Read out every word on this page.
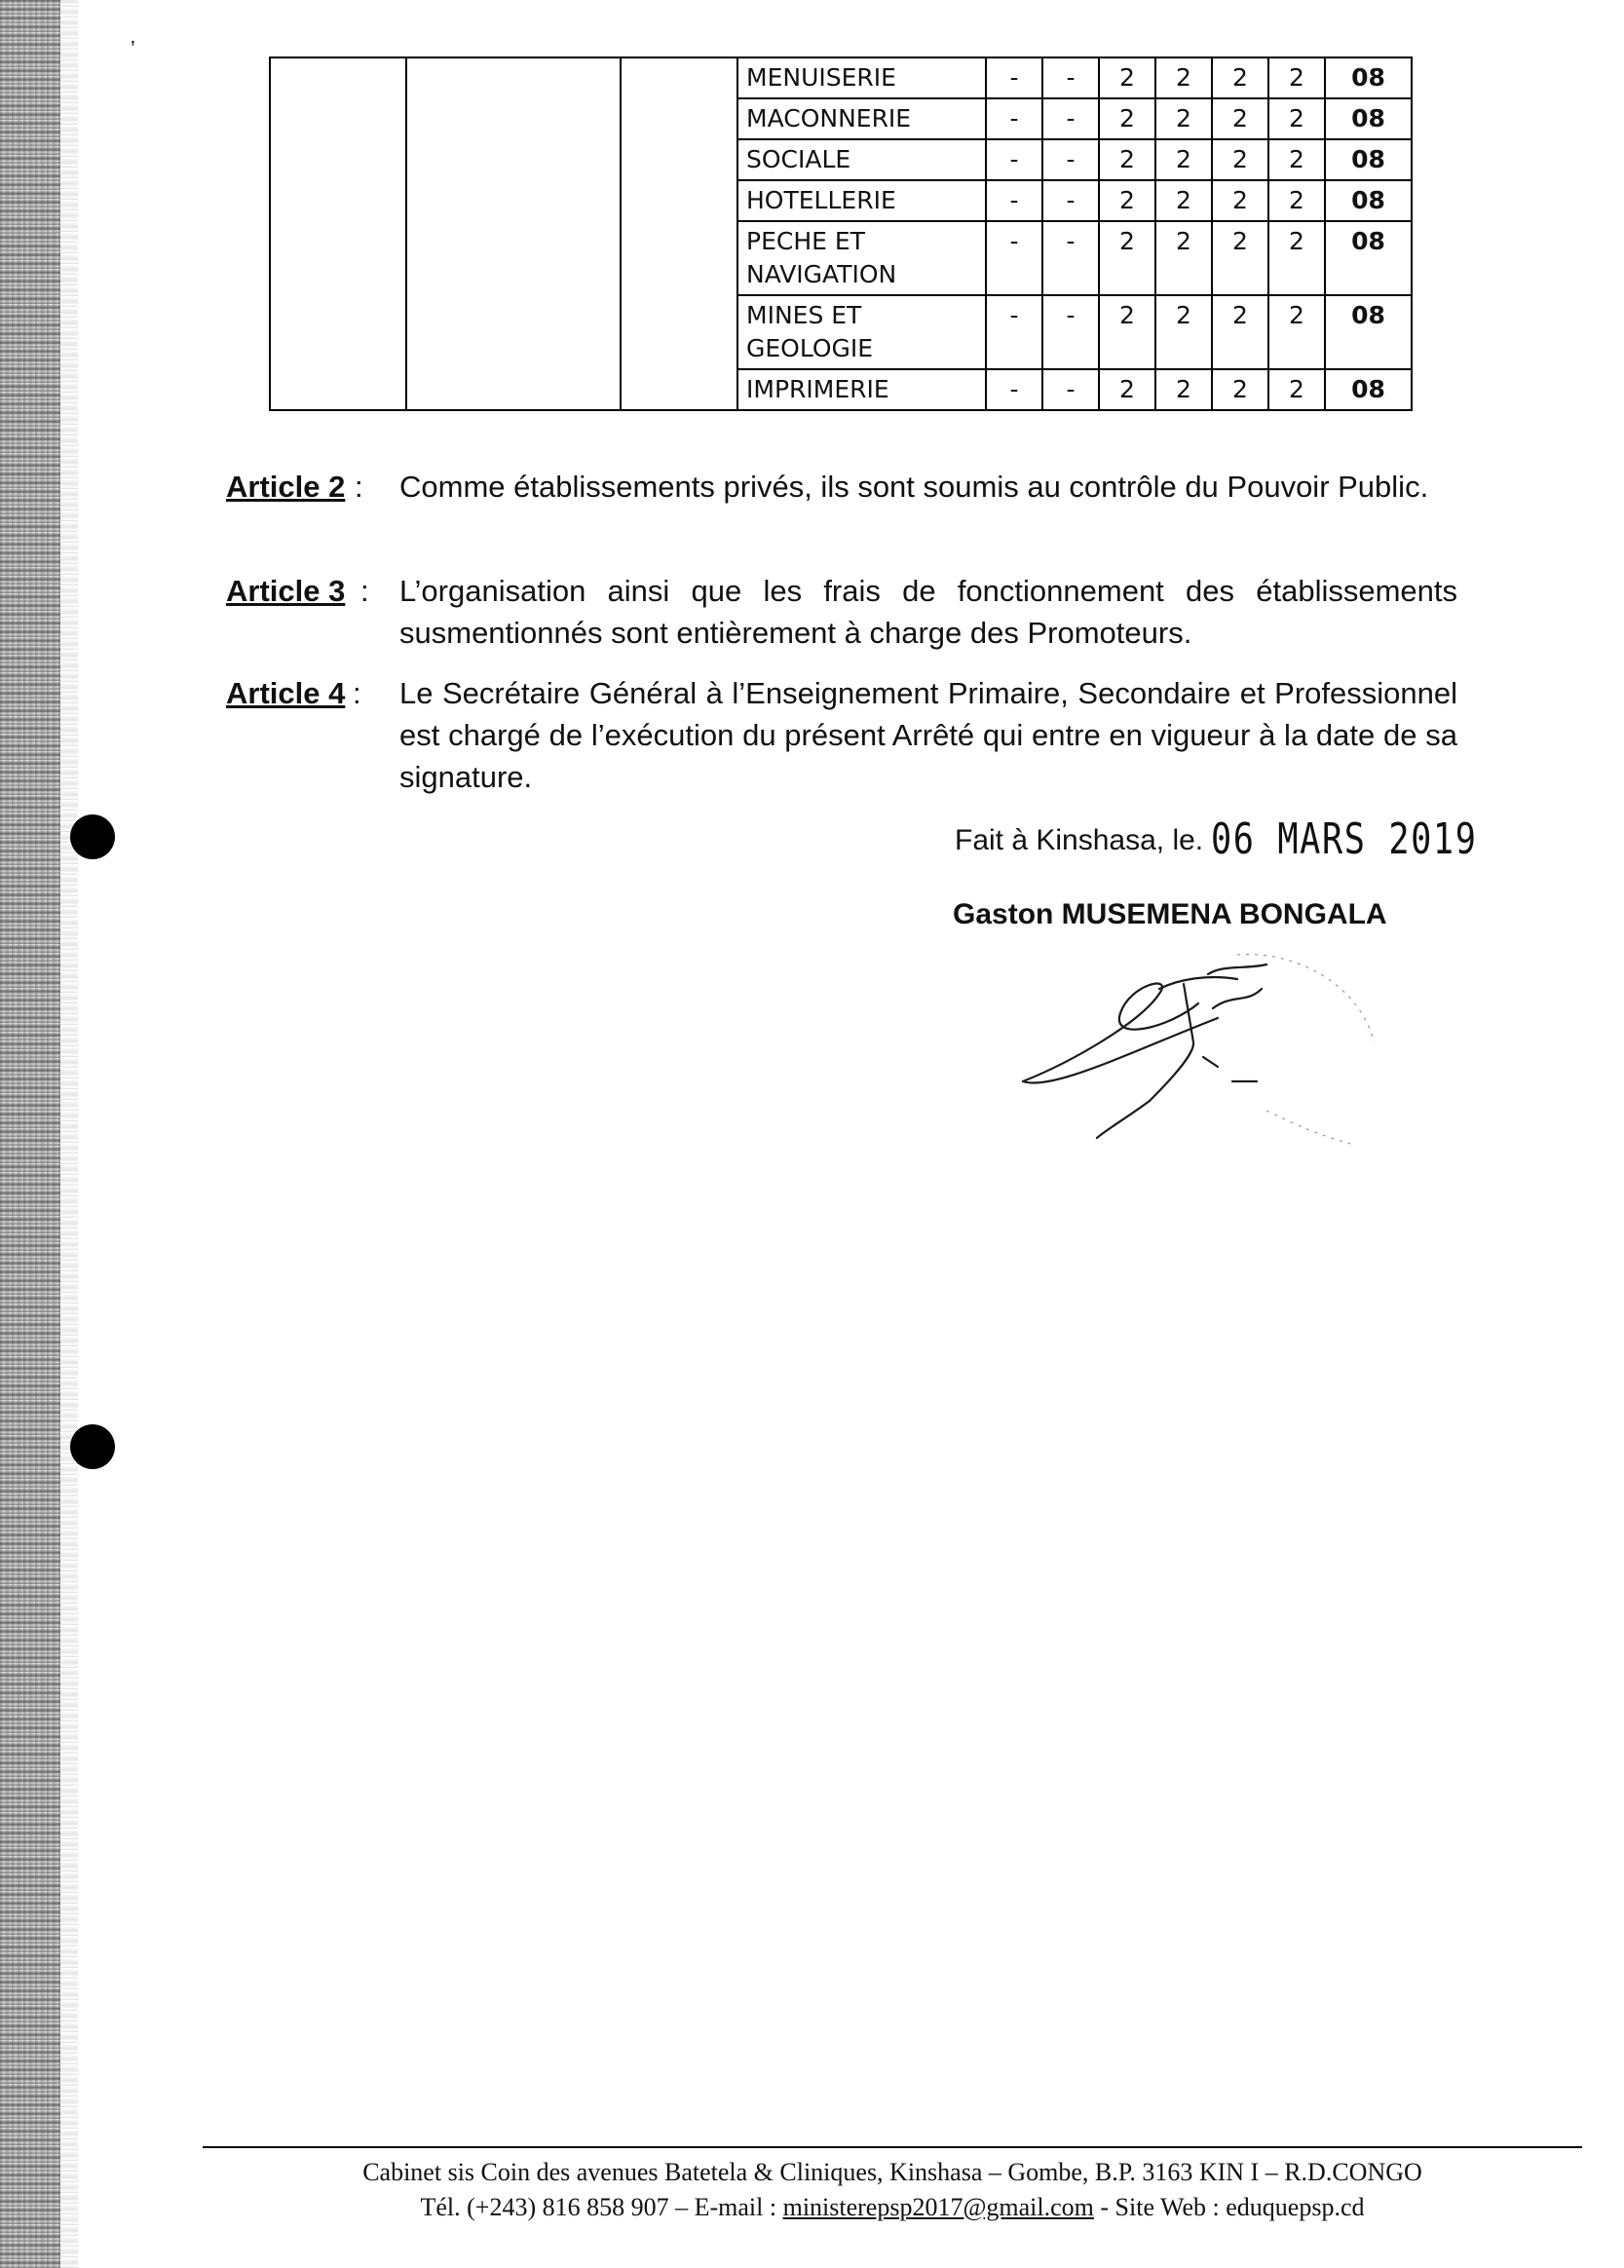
ʼ
			MENUISERIE	-	-	2	2	2	2	08
			MACONNERIE	-	-	2	2	2	2	08
			SOCIALE	-	-	2	2	2	2	08
			HOTELLERIE	-	-	2	2	2	2	08
			PECHE ET NAVIGATION	-	-	2	2	2	2	08
			MINES ET GEOLOGIE	-	-	2	2	2	2	08
			IMPRIMERIE	-	-	2	2	2	2	08
Article 2 : Comme établissements privés, ils sont soumis au contrôle du Pouvoir Public.
Article 3 : L’organisation ainsi que les frais de fonctionnement des établissements susmentionnés sont entièrement à charge des Promoteurs.
Article 4 : Le Secrétaire Général à l’Enseignement Primaire, Secondaire et Professionnel est chargé de l’exécution du présent Arrêté qui entre en vigueur à la date de sa signature.
Fait à Kinshasa, le. 06 MARS 2019
Gaston MUSEMENA BONGALA
Cabinet sis Coin des avenues Batetela & Cliniques, Kinshasa – Gombe, B.P. 3163 KIN I – R.D.CONGO
Tél. (+243) 816 858 907 – E-mail : ministerepsp2017@gmail.com - Site Web : eduquepsp.cd
